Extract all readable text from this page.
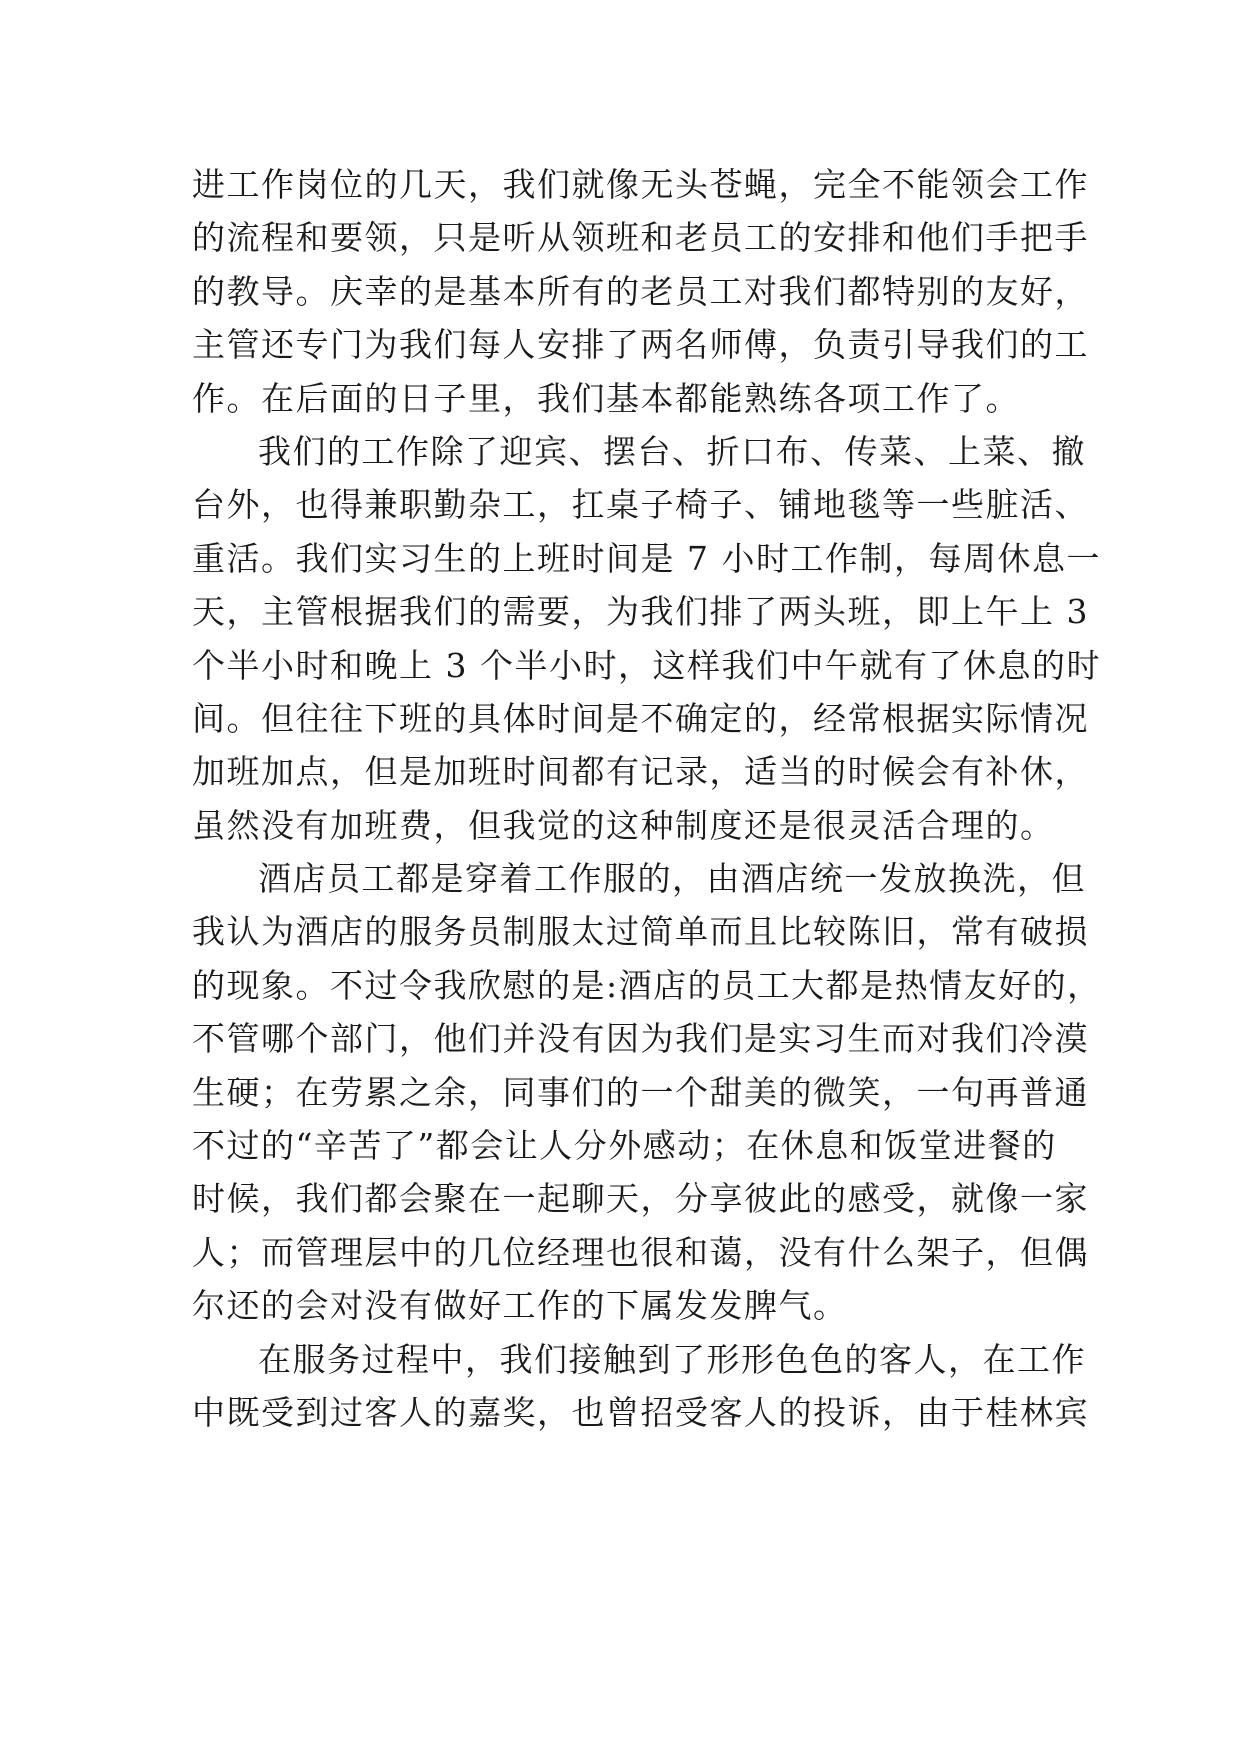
进工作岗位的几天，我们就像无头苍蝇，完全不能领会工作
的流程和要领，只是听从领班和老员工的安排和他们手把手
的教导。庆幸的是基本所有的老员工对我们都特别的友好，
主管还专门为我们每人安排了两名师傅，负责引导我们的工
作。在后面的日子里，我们基本都能熟练各项工作了。
我们的工作除了迎宾、摆台、折口布、传菜、上菜、撤
台外，也得兼职勤杂工，扛桌子椅子、铺地毯等一些脏活、
重活。我们实习生的上班时间是 7 小时工作制，每周休息一
天，主管根据我们的需要，为我们排了两头班，即上午上 3
个半小时和晚上 3 个半小时，这样我们中午就有了休息的时
间。但往往下班的具体时间是不确定的，经常根据实际情况
加班加点，但是加班时间都有记录，适当的时候会有补休，
虽然没有加班费，但我觉的这种制度还是很灵活合理的。
酒店员工都是穿着工作服的，由酒店统一发放换洗，但
我认为酒店的服务员制服太过简单而且比较陈旧，常有破损
的现象。不过令我欣慰的是:酒店的员工大都是热情友好的，
不管哪个部门，他们并没有因为我们是实习生而对我们冷漠
生硬；在劳累之余，同事们的一个甜美的微笑，一句再普通
不过的“辛苦了”都会让人分外感动；在休息和饭堂进餐的
时候，我们都会聚在一起聊天，分享彼此的感受，就像一家
人；而管理层中的几位经理也很和蔼，没有什么架子，但偶
尔还的会对没有做好工作的下属发发脾气。
在服务过程中，我们接触到了形形色色的客人，在工作
中既受到过客人的嘉奖，也曾招受客人的投诉，由于桂林宾
